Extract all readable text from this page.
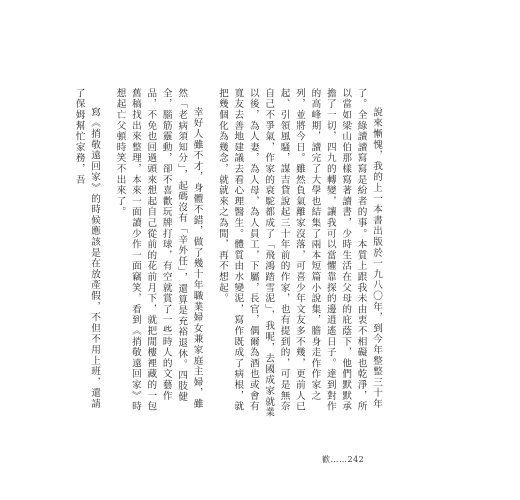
說來慚愧，我的上一本書出版於一九八〇年，到今年整整三十年了。全綠讀讀寫寫是紛者的事。本質上跟我未由衷不相礙也乾淨，所以當如梁山伯那樣寫著讀書，少時生活在父母的庇蔭下，他們默默承擔了一切，四九的轉變，讓我可以當懼靠探的邊逍遙日子。達到對作的高峰期，讀完了大學也結集了兩本短篇小說集，膽身走作作家之列，並將今日。雖然負氣離家沒落，可喜少年文友多不幾，更前人已起、引領風騷，謀吉貸說起三十年前的作家，也有提到的，可是無奈自己不爭氣，作家的衰駝都成了「飛鴻踏雪泥」，我呢，去國成家就業以後，為人妻，為人母，為人員工，下屬，長官，偶爾為酒也或會有寬友去善地建議去看心理醫生。體質由水變泥，寫作既成了病根，就把幾個化為幾念，就就來之為閒，再不想起。

幸好人雖不才，身體不錯，做了幾十年職業婦女兼家庭主婦，雖然「老病須知分」，起碼沒有「辛外任」，還算是充裕退休。四肢健全，腦筋靈動，卻不喜歡玩牌打球，有空就賞了一些時人的文藝作品，不免也回過頭來想起自己從前的花前月下，就把閒樓裡藏的一包舊稿找出來整理，本來一面讀少作一面竊笑，看到《捎敬遠回家》時想起亡父頓時笑不出來了。

寫《捎敬遠回家》的時候應該是在放產假，不但不用上班，還請了保姆幫忙家務，吾

歡……242
